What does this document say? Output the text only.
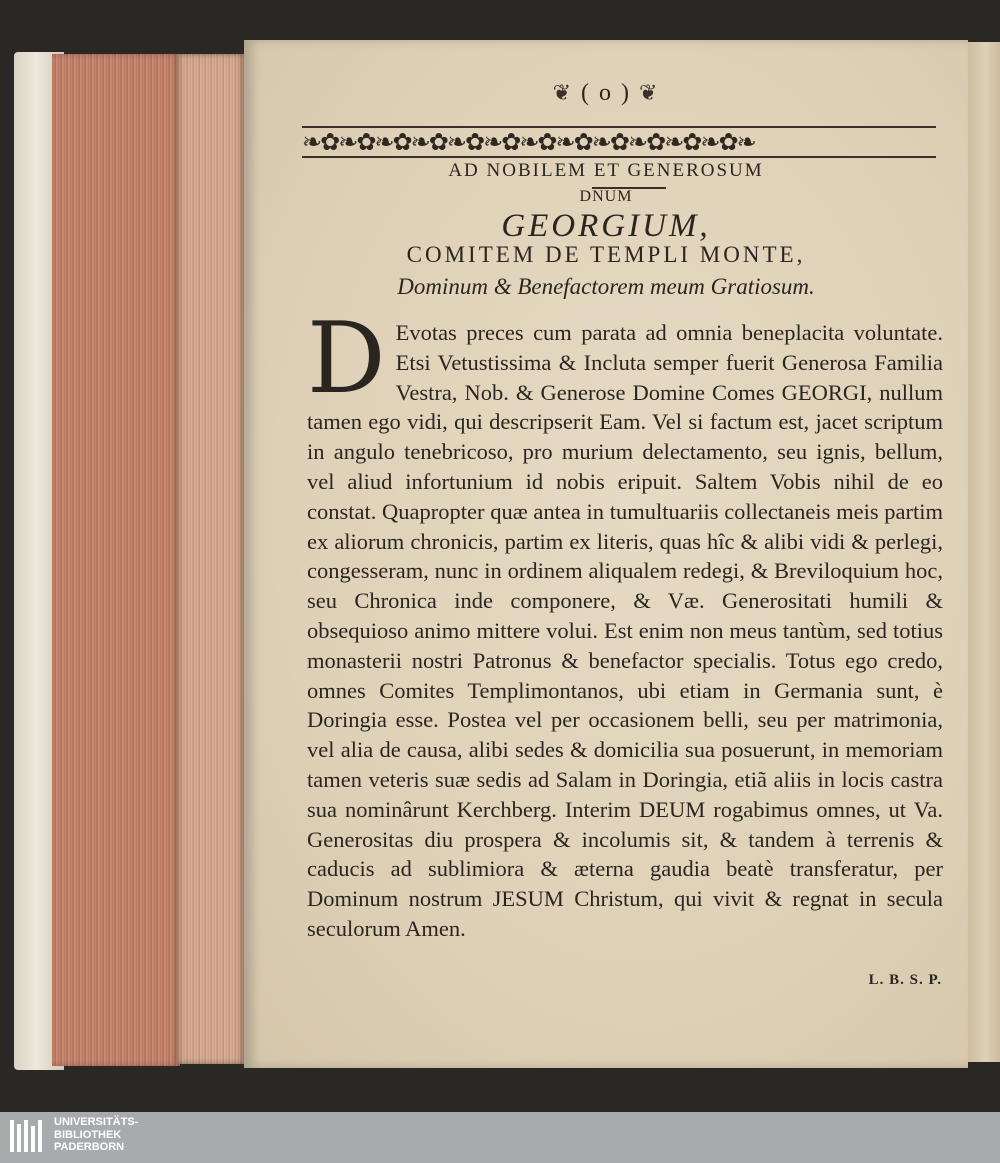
❦ ( o ) ❦
❧✿❧✿❧✿❧✿❧✿❧✿❧✿❧✿❧✿❧✿❧✿❧✿❧
AD NOBILEM ET GENEROSUM
DNUM
GEORGIUM,
COMITEM DE TEMPLI MONTE,
Dominum & Benefactorem meum Gratiosum.
D Evotas preces cum parata ad omnia beneplacita voluntate. Etsi Vetustissima & Incluta semper fuerit Generosa Familia Vestra, Nob. & Generose Domine Comes GEORGI, nullum tamen ego vidi, qui descripserit Eam. Vel si factum est, jacet scriptum in angulo tenebricoso, pro murium delectamento, seu ignis, bellum, vel aliud infortunium id nobis eripuit. Saltem Vobis nihil de eo constat. Quapropter quæ antea in tumultuariis collectaneis meis partim ex aliorum chronicis, partim ex literis, quas hîc & alibi vidi & perlegi, congesseram, nunc in ordinem aliqualem redegi, & Breviloquium hoc, seu Chronica inde componere, & Væ. Generositati humili & obsequioso animo mittere volui. Est enim non meus tantùm, sed totius monasterii nostri Patronus & benefactor specialis. Totus ego credo, omnes Comites Templimontanos, ubi etiam in Germania sunt, è Doringia esse. Postea vel per occasionem belli, seu per matrimonia, vel alia de causa, alibi sedes & domicilia sua posuerunt, in memoriam tamen veteris suæ sedis ad Salam in Doringia, etiã aliis in locis castra sua nominârunt Kerchberg. Interim DEUM rogabimus omnes, ut Va. Generositas diu prospera & incolumis sit, & tandem à terrenis & caducis ad sublimiora & æterna gaudia beatè transferatur, per Dominum nostrum JESUM Christum, qui vivit & regnat in secula seculorum Amen.
L. B. S. P.
UNIVERSITÄTS-
BIBLIOTHEK
PADERBORN
